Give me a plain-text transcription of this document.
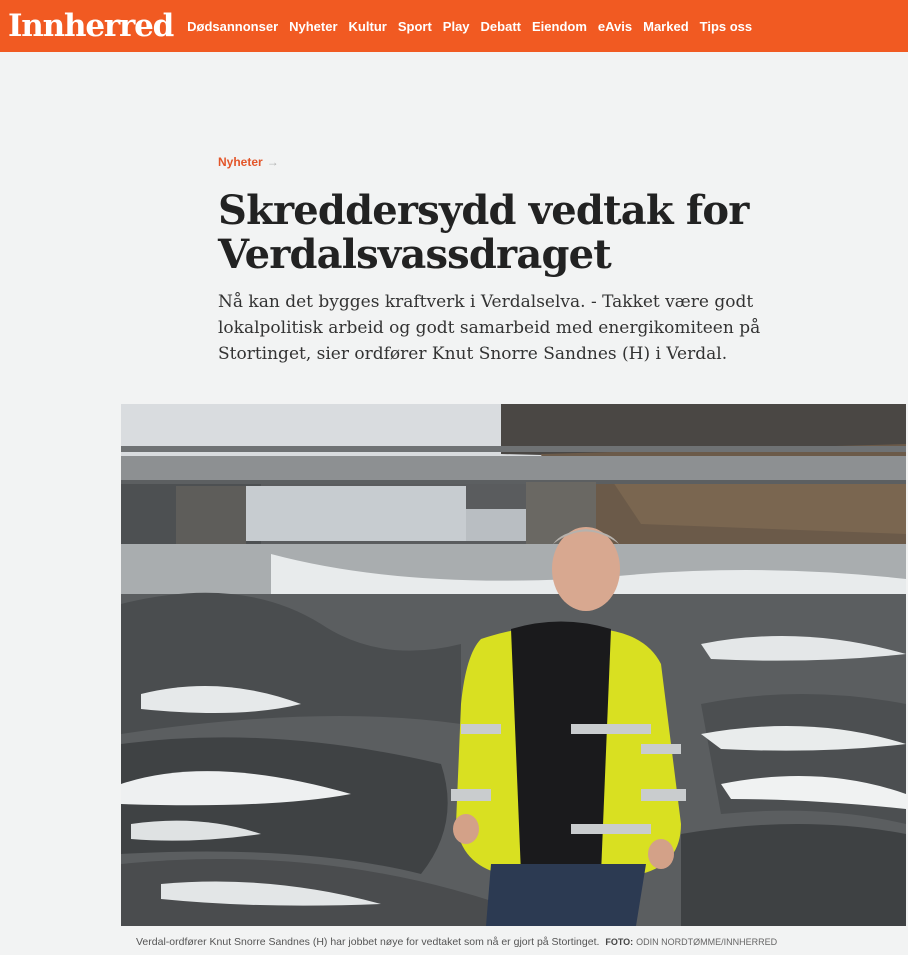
Innherred Dødsannonser Nyheter Kultur Sport Play Debatt Eiendom eAvis Marked Tips oss
Nyheter →
Skreddersydd vedtak for
Verdalsvassdraget

Nå kan det bygges kraftverk i Verdalselva. - Takket være godt lokalpolitisk arbeid og godt samarbeid med energikomiteen på Stortinget, sier ordfører Knut Snorre Sandnes (H) i Verdal.

Verdal-ordfører Knut Snorre Sandnes (H) har jobbet nøye for vedtaket som nå er gjort på Stortinget. FOTO: ODIN NORDTØMME/INNHERRED
